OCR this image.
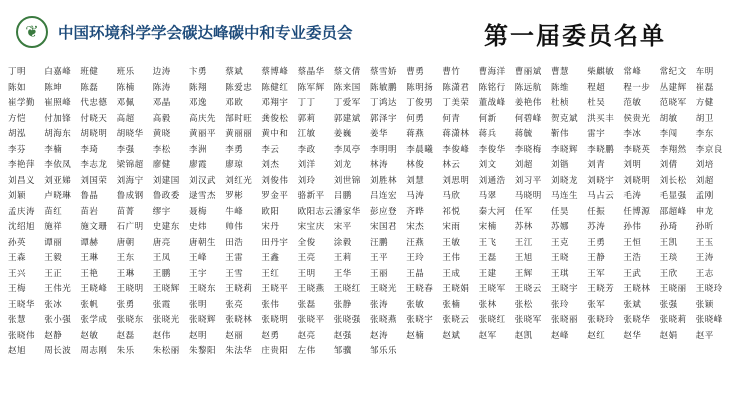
❦	中国环境科学学会碳达峰碳中和专业委员会	第一届委员名单
丁明	白嘉峰	班健	班乐	边涛	卞勇	蔡斌	蔡博峰	蔡晶华	蔡文倩	蔡雪娇	曹勇	曹竹	曹海洋	曹丽斌	曹慧	柴麒敏	常峰	常纪文	车明
陈如	陈坤	陈磊	陈楠	陈涛	陈翔	陈爱忠	陈健红	陈军辉	陈来国	陈敏鹏	陈明扬	陈潇君	陈铭行	陈远航	陈维	程超	程一步	丛建辉	崔磊
崔学勤	崔照峰	代忠德	邓佩	邓晶	邓逸	邓欧	邓翔宇	丁丁	丁爱军	丁鸿达	丁俊男	丁美荣	董战峰	姜艳伟	杜桢	杜吴	范敏	范晓军	方健
方恺	付加锋	付晓天	高超	高毅	高庆先	郜时旺	龚俊松	郭莉	郭建斌	郭泽宇	何勇	何青	何新	何碧峰	贺克斌	洪买丰	侯贵光	胡敏	胡卫
胡泓	胡海东	胡晓明	胡晓华	黄晓	黄丽平	黄丽丽	黄中和	江敏	姜巍	姜华	蒋燕	蒋潇林	蒋兵	蒋毓	靳伟	雷宇	李冰	李闯	李东
李芬	李楠	李琦	李强	李松	李洲	李勇	李云	李政	李凤亭	李明明	李晨曦	李俊峰	李俊华	李晓梅	李晓辉	李晓鹏	李晓英	李翔然	李京良
李艳萍	李依凤	李志龙	梁锦超	廖健	廖霞	廖琼	刘杰	刘洋	刘龙	林涛	林俊	林云	刘文	刘超	刘锴	刘青	刘明	刘倩	刘培
刘昌义	刘亚娣	刘国荣	刘海宁	刘建国	刘汉武	刘红光	刘俊伟	刘玲	刘世锦	刘胜林	刘慧	刘思明	刘通浩	刘习平	刘晓龙	刘晓宇	刘晓明	刘长松	刘超
刘颖	卢晓琳	鲁晶	鲁成钢	鲁政委	逯雪杰	罗彬	罗金平	骆新平	吕鹏	吕连宏	马涛	马欣	马翠	马晓明	马连生	马占云	毛涛	毛显强	孟刚
孟庆涛	苗红	苗岩	苗菁	缪宇	聂梅	牛峰	欧阳	欧阳志云 潘家华	彭应登	齐晔	祁悦	秦大河	任军	任昊	任振	任博源	邵超峰	申龙
沈绍旭	施祥	施文珊	石广明	史建东	史炜	帅伟	宋丹	宋宝庆	宋平	宋国君	宋杰	宋雨	宋楠	苏林	苏娜	苏涛	孙伟	孙琦	孙昕
孙英	谭丽	谭赫	唐朝	唐亮	唐朝生	田浩	田丹宇	全俊	涂毅	汪鹏	汪燕	王敏	王飞	王江	王克	王勇	王恒	王凯	王玉
王森	王毅	王琳	王东	王凤	王峰	王雷	王鑫	王亮	王莉	王平	王玲	王伟	王磊	王旭	王晓	王静	王浩	王琰	王涛
王兴	王正	王艳	王琳	王鹏	王宇	王雪	王红	王明	王华	王丽	王晶	王成	王建	王辉	王琪	王军	王武	王欣	王志
王梅	王伟光	王晓峰	王晓明	王晓辉	王晓东	王晓莉	王晓平	王晓燕	王晓红	王晓光	王晓春	王晓娟	王晓军	王晓云	王晓宇	王晓芳	王晓林	王晓丽	王晓玲
王晓华	张冰	张帆	张勇	张霞	张明	张亮	张伟	张磊	张静	张涛	张敏	张楠	张林	张松	张玲	张军	张斌	张强	张颖
张慧	张小强	张学成	张晓东	张晓光	张晓辉	张晓林	张晓明	张晓平	张晓强	张晓燕	张晓宇	张晓云	张晓红	张晓军	张晓丽	张晓玲	张晓华	张晓莉	张晓峰
张晓伟	赵静	赵敏	赵磊	赵伟	赵明	赵丽	赵勇	赵亮	赵强	赵涛	赵楠	赵斌	赵军	赵凯	赵峰	赵红	赵华	赵娟	赵平
赵旭	周长波	周志刚	朱乐	朱松丽	朱黎阳	朱法华	庄贵阳	左伟	邹骥	邹乐乐
